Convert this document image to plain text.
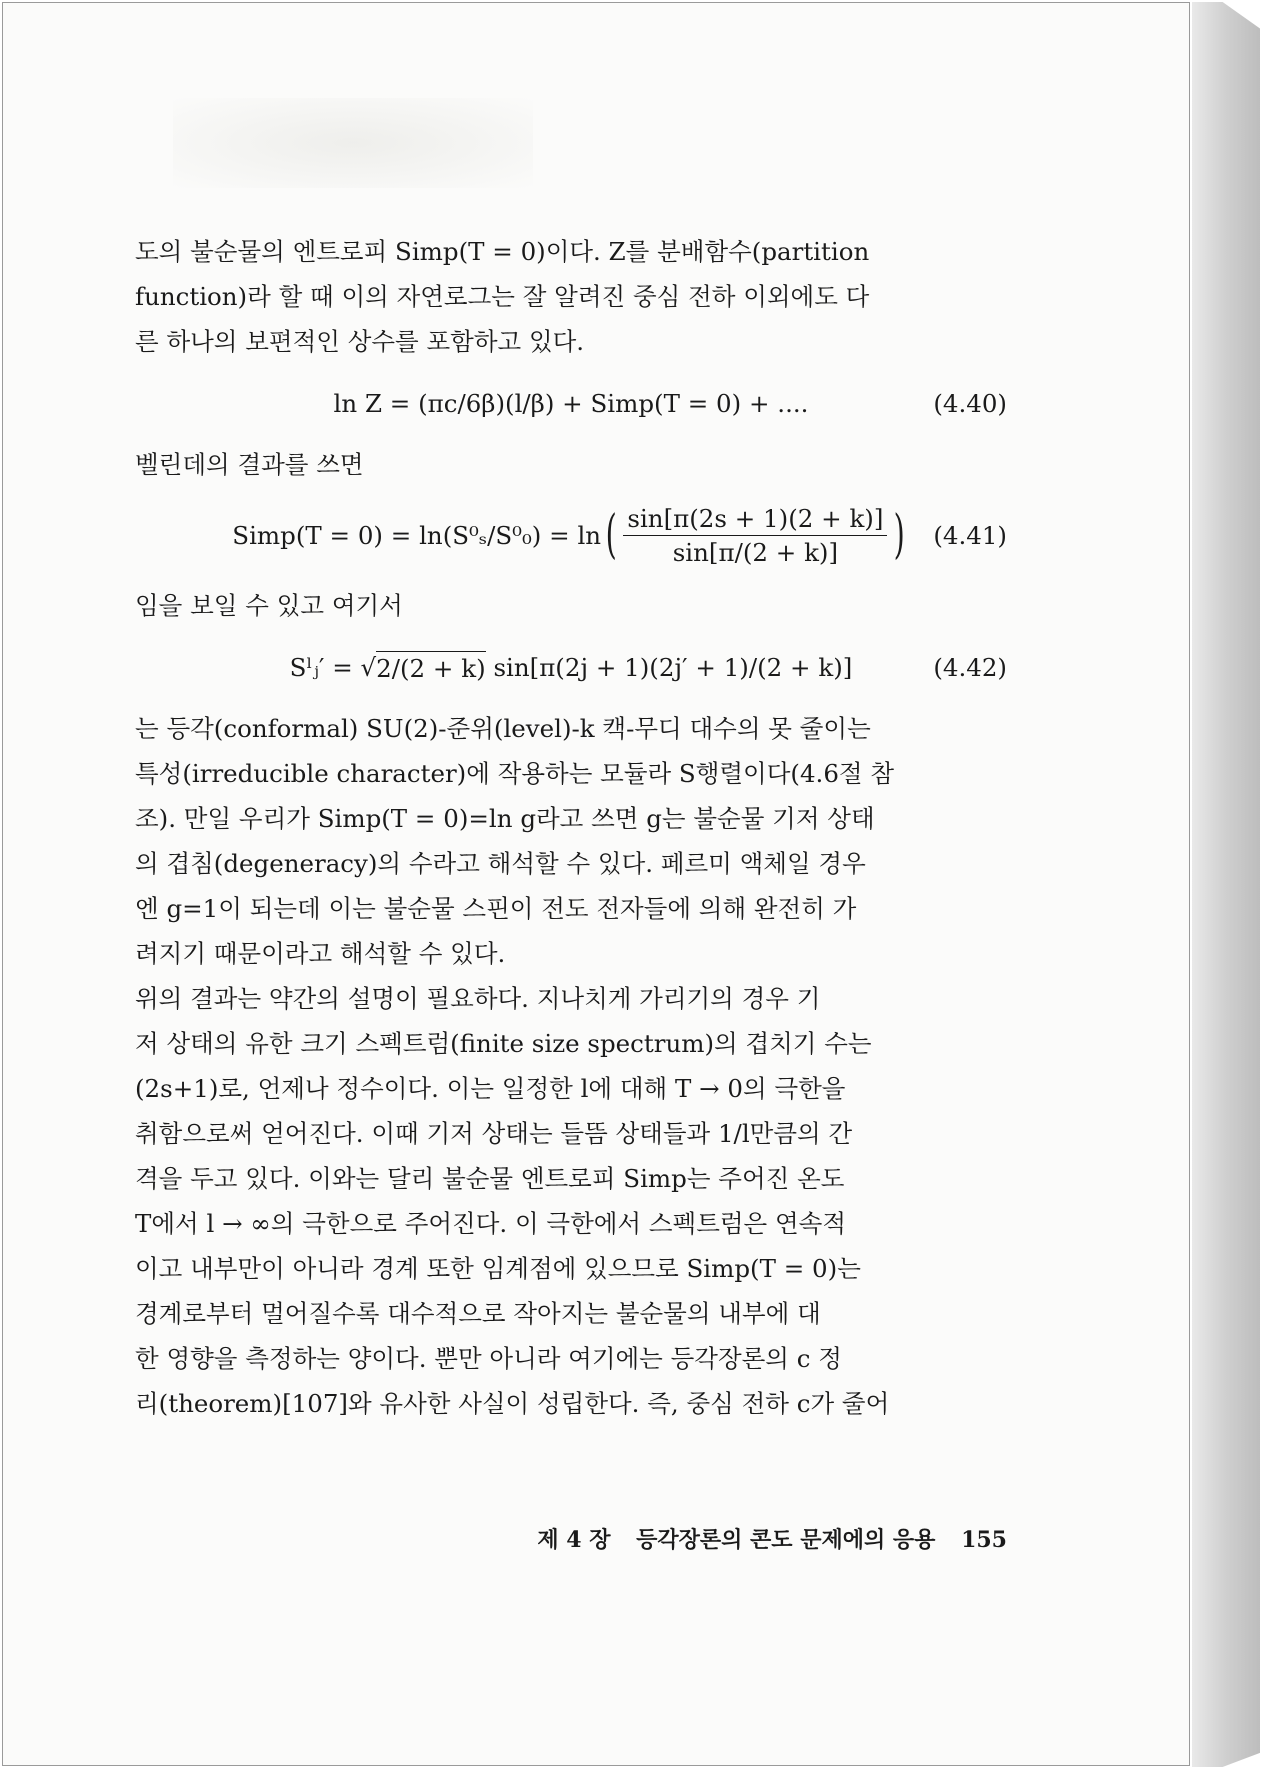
도의 불순물의 엔트로피 Simp(T = 0)이다. Z를 분배함수(partition
function)라 할 때 이의 자연로그는 잘 알려진 중심 전하 이외에도 다
른 하나의 보편적인 상수를 포함하고 있다.

ln Z = (πc/6β)(l/β) + Simp(T = 0) + ....	(4.40)

벨린데의 결과를 쓰면

Simp(T = 0) = ln(S⁰ₛ/S⁰₀) = ln ( $\frac{\sin[\pi(2s + 1)(2 + k)]}{\sin[\pi/(2 + k)]}$ ) (4.41)

임을 보일 수 있고 여기서

Sˡⱼ′ = √ 2/(2 + k)
sin[π(2j + 1)(2j′ + 1)/(2 + k)]	(4.42)

는 등각(conformal) SU(2)-준위(level)-k 캑-무디 대수의 못 줄이는
특성(irreducible character)에 작용하는 모듈라 S행렬이다(4.6절 참
조). 만일 우리가 Simp(T = 0)=ln g라고 쓰면 g는 불순물 기저 상태
의 겹침(degeneracy)의 수라고 해석할 수 있다. 페르미 액체일 경우
엔 g=1이 되는데 이는 불순물 스핀이 전도 전자들에 의해 완전히 가
려지기 때문이라고 해석할 수 있다.

위의 결과는 약간의 설명이 필요하다. 지나치게 가리기의 경우 기
저 상태의 유한 크기 스펙트럼(finite size spectrum)의 겹치기 수는
(2s+1)로, 언제나 정수이다. 이는 일정한 l에 대해 T → 0의 극한을
취함으로써 얻어진다. 이때 기저 상태는 들뜸 상태들과 1/l만큼의 간
격을 두고 있다. 이와는 달리 불순물 엔트로피 Simp는 주어진 온도
T에서 l → ∞의 극한으로 주어진다. 이 극한에서 스펙트럼은 연속적
이고 내부만이 아니라 경계 또한 임계점에 있으므로 Simp(T = 0)는
경계로부터 멀어질수록 대수적으로 작아지는 불순물의 내부에 대
한 영향을 측정하는 양이다. 뿐만 아니라 여기에는 등각장론의 c 정
리(theorem)[107]와 유사한 사실이 성립한다. 즉, 중심 전하 c가 줄어

제 4 장 등각장론의 콘도 문제에의 응용 155
